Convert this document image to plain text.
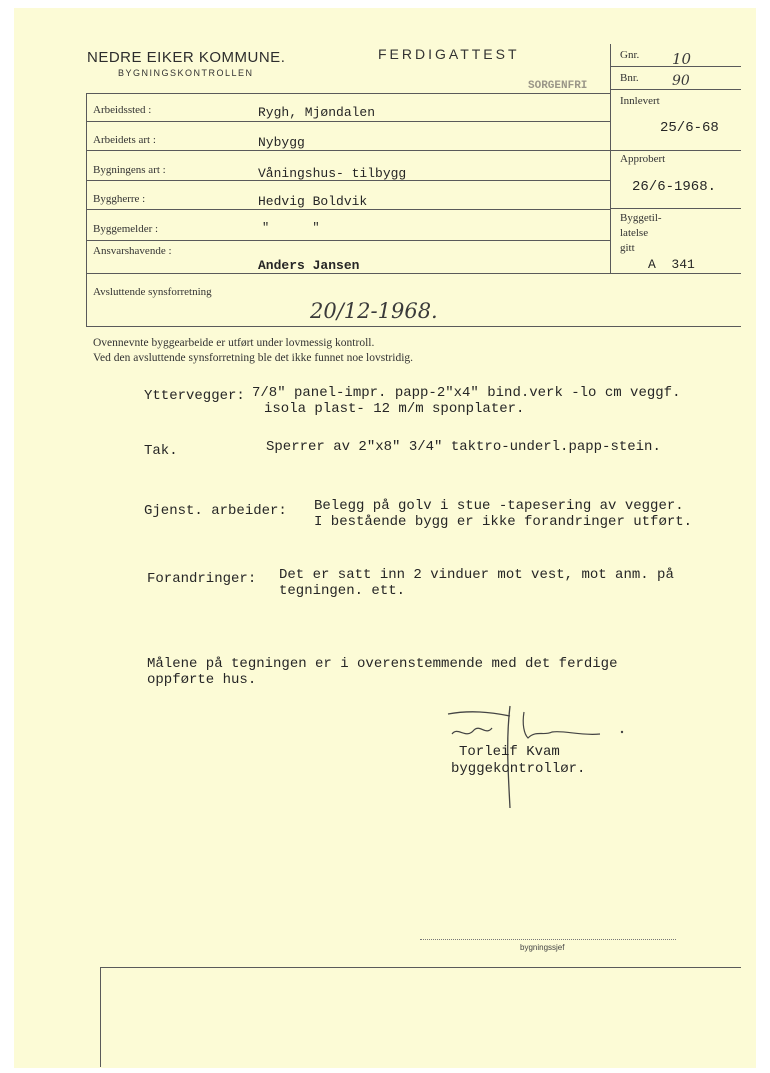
NEDRE EIKER KOMMUNE.
BYGNINGSKONTROLLEN
FERDIGATTEST
SORGENFRI
Arbeidssted :	Rygh, Mjøndalen
Arbeidets art :	Nybygg
Bygningens art :	Våningshus- tilbygg
Byggherre :	Hedvig Boldvik
Byggemelder :	"      "
Ansvarshavende :
Anders Jansen
Gnr. 10
Bnr. 90
Innlevert
25/6-68
Approbert
26/6-1968.
Byggetil-
latelse
gitt
A  341
Avsluttende synsforretning
20/12-1968.
Ovennevnte byggearbeide er utført under lovmessig kontroll.
Ved den avsluttende synsforretning ble det ikke funnet noe lovstridig.
Yttervegger: 7/8" panel-impr. papp-2"x4" bind.verk -lo cm veggf.
isola plast- 12 m/m sponplater.
Tak.	Sperrer av 2"x8" 3/4" taktro-underl.papp-stein.
Gjenst. arbeider: Belegg på golv i stue -tapesering av vegger.
I bestående bygg er ikke forandringer utført.
Forandringer: Det er satt inn 2 vinduer mot vest, mot anm. på
tegningen. ett.
Målene på tegningen er i overenstemmende med det ferdige
oppførte hus.
Torleif Kvam
byggekontrollør.
bygningssjef
